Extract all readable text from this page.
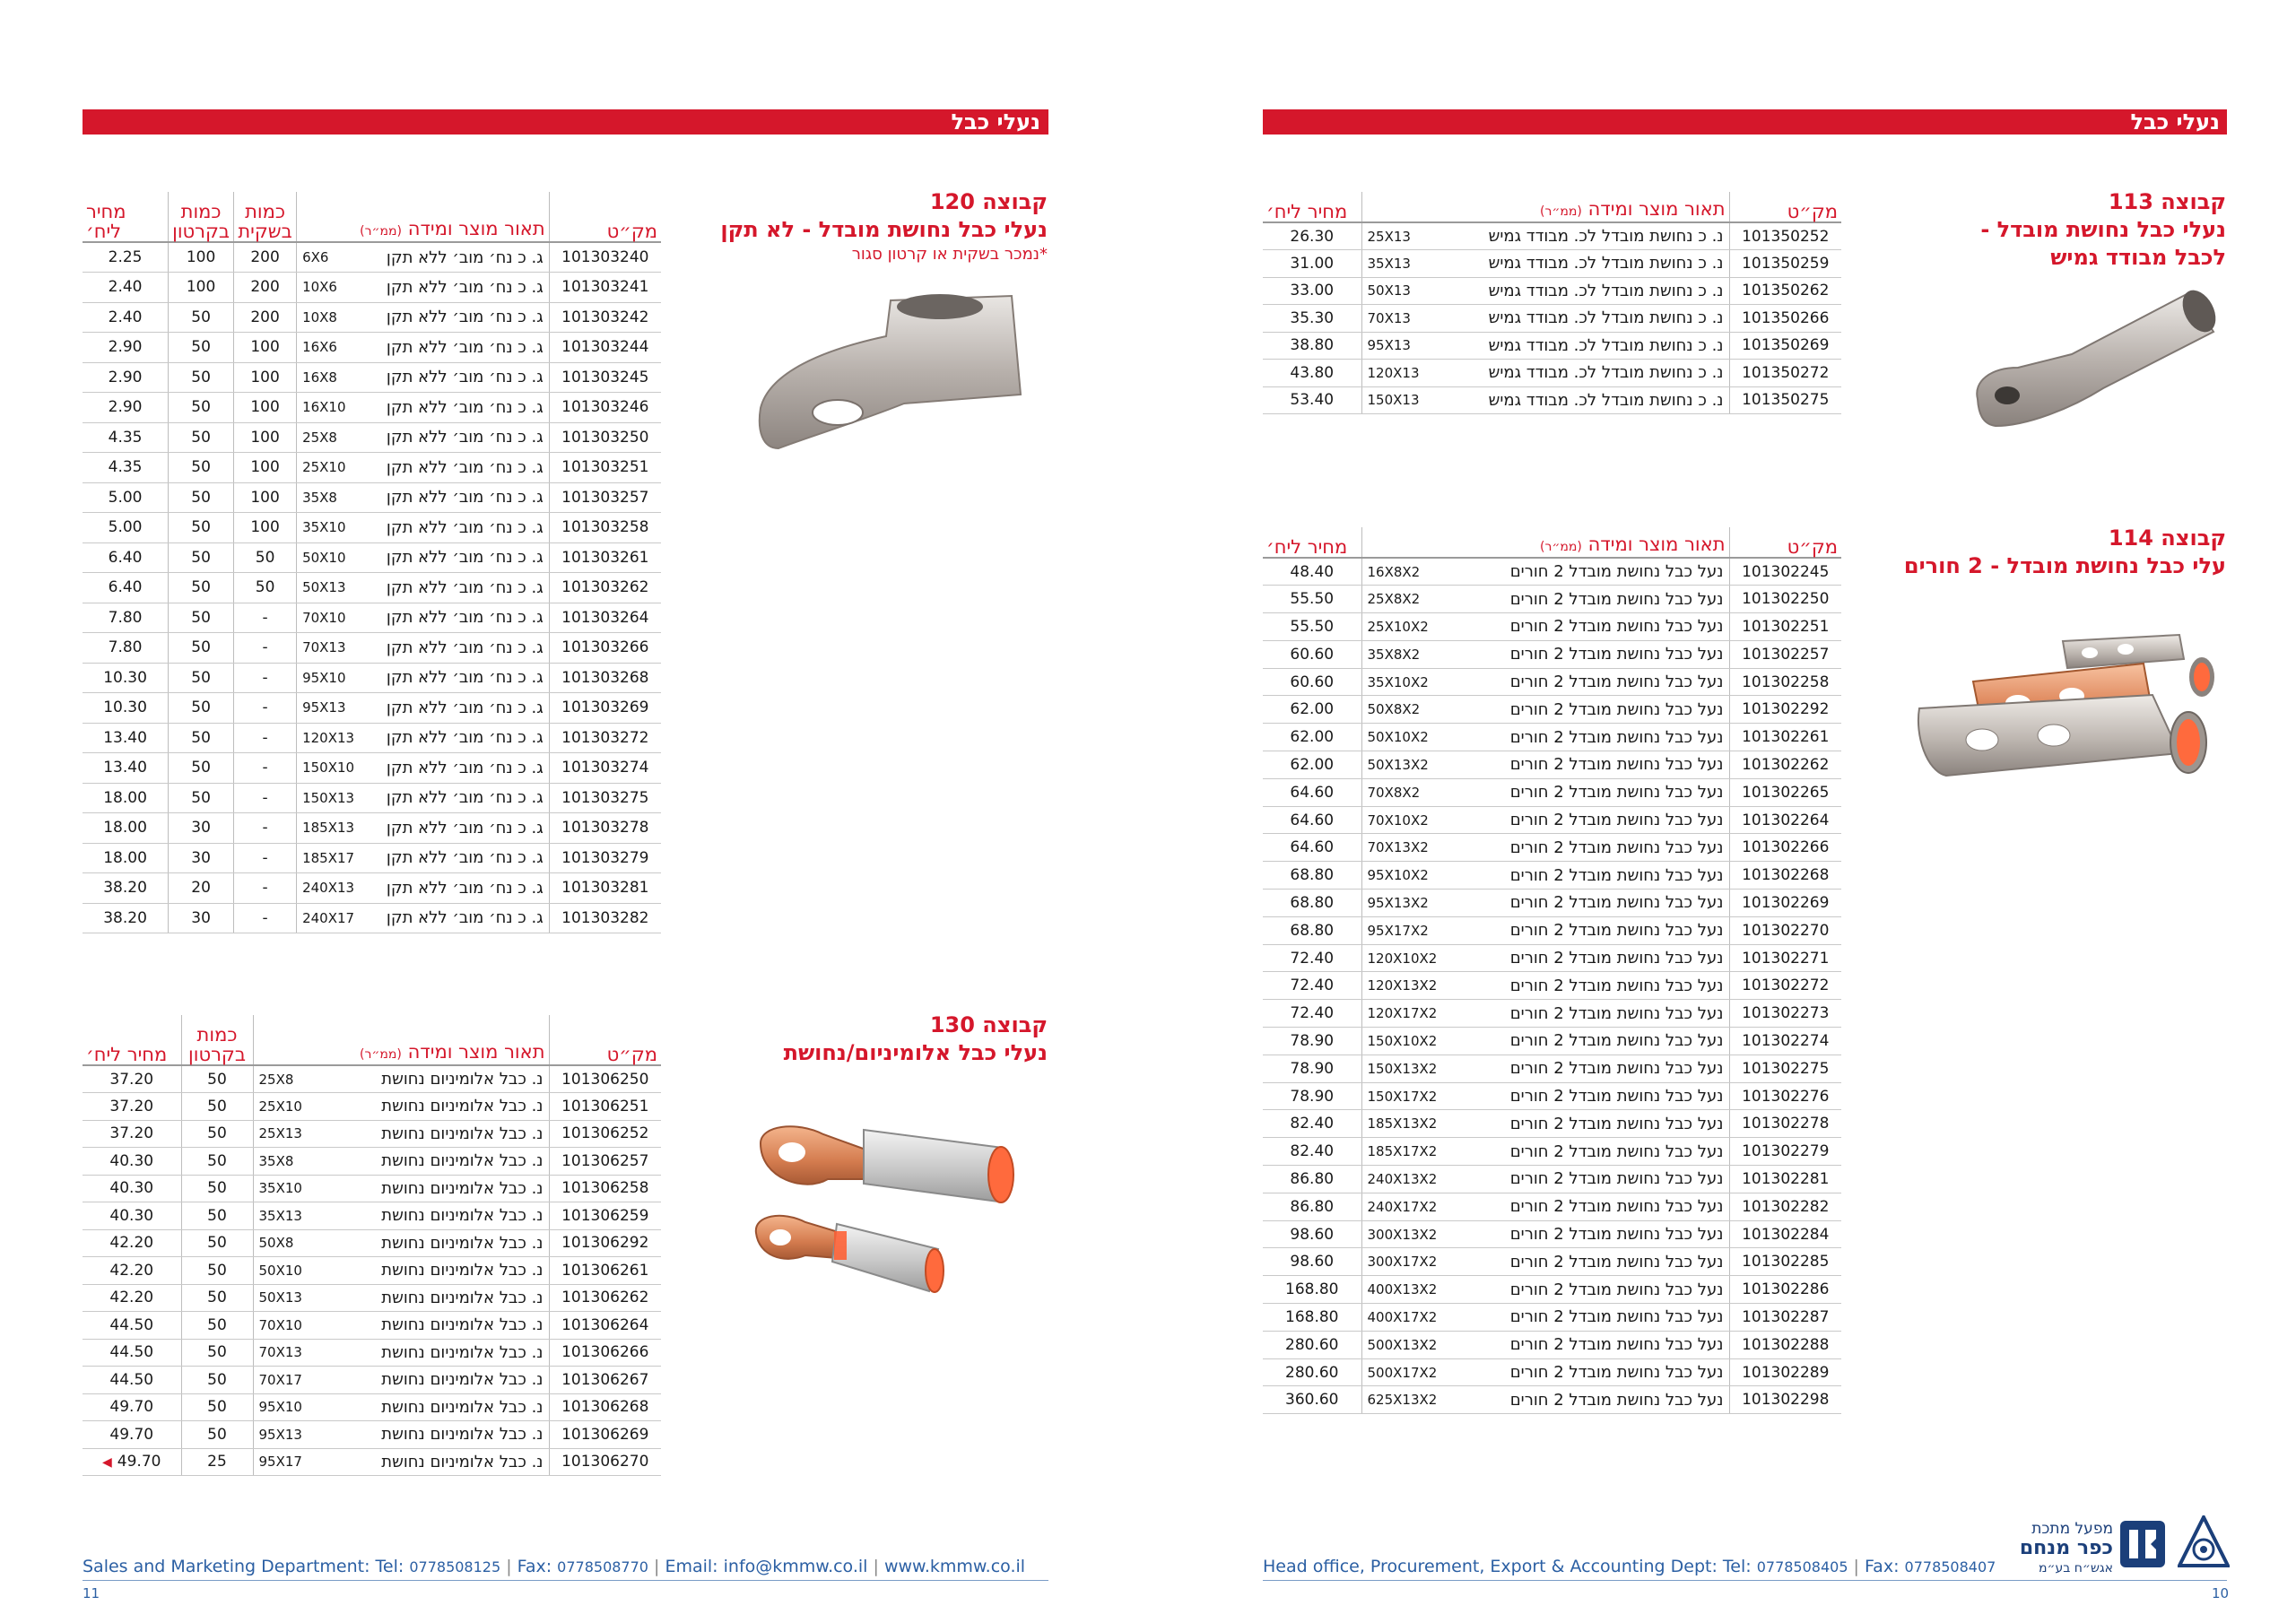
נעלי כבל
קבוצה 120
נעלי כבל נחושת מובדל - לא תקן
*נמכר בשקית או קרטון סגור
מחיר ליח׳	כמות בקרטון	כמות בשקית	תאור מוצר ומידה (ממ״ר)	מק״ט
2.25	100	200	6X6 ג. כ נח׳ מוב׳ ללא תקן	101303240
2.40	100	200	10X6 ג. כ נח׳ מוב׳ ללא תקן	101303241
2.40	50	200	10X8 ג. כ נח׳ מוב׳ ללא תקן	101303242
2.90	50	100	16X6 ג. כ נח׳ מוב׳ ללא תקן	101303244
2.90	50	100	16X8 ג. כ נח׳ מוב׳ ללא תקן	101303245
2.90	50	100	16X10 ג. כ נח׳ מוב׳ ללא תקן	101303246
4.35	50	100	25X8 ג. כ נח׳ מוב׳ ללא תקן	101303250
4.35	50	100	25X10 ג. כ נח׳ מוב׳ ללא תקן	101303251
5.00	50	100	35X8 ג. כ נח׳ מוב׳ ללא תקן	101303257
5.00	50	100	35X10 ג. כ נח׳ מוב׳ ללא תקן	101303258
6.40	50	50	50X10 ג. כ נח׳ מוב׳ ללא תקן	101303261
6.40	50	50	50X13 ג. כ נח׳ מוב׳ ללא תקן	101303262
7.80	50	-	70X10 ג. כ נח׳ מוב׳ ללא תקן	101303264
7.80	50	-	70X13 ג. כ נח׳ מוב׳ ללא תקן	101303266
10.30	50	-	95X10 ג. כ נח׳ מוב׳ ללא תקן	101303268
10.30	50	-	95X13 ג. כ נח׳ מוב׳ ללא תקן	101303269
13.40	50	-	120X13 ג. כ נח׳ מוב׳ ללא תקן	101303272
13.40	50	-	150X10 ג. כ נח׳ מוב׳ ללא תקן	101303274
18.00	50	-	150X13 ג. כ נח׳ מוב׳ ללא תקן	101303275
18.00	30	-	185X13 ג. כ נח׳ מוב׳ ללא תקן	101303278
18.00	30	-	185X17 ג. כ נח׳ מוב׳ ללא תקן	101303279
38.20	20	-	240X13 ג. כ נח׳ מוב׳ ללא תקן	101303281
38.20	30	-	240X17 ג. כ נח׳ מוב׳ ללא תקן	101303282
קבוצה 130
נעלי כבל אלומיניום/נחושת
מחיר ליח׳	כמות בקרטון	תאור מוצר ומידה (ממ״ר)	מק״ט
37.20	50	25X8 נ. כבל אלומיניום נחושת	101306250
37.20	50	25X10 נ. כבל אלומיניום נחושת	101306251
37.20	50	25X13 נ. כבל אלומיניום נחושת	101306252
40.30	50	35X8 נ. כבל אלומיניום נחושת	101306257
40.30	50	35X10 נ. כבל אלומיניום נחושת	101306258
40.30	50	35X13 נ. כבל אלומיניום נחושת	101306259
42.20	50	50X8 נ. כבל אלומיניום נחושת	101306292
42.20	50	50X10 נ. כבל אלומיניום נחושת	101306261
42.20	50	50X13 נ. כבל אלומיניום נחושת	101306262
44.50	50	70X10 נ. כבל אלומיניום נחושת	101306264
44.50	50	70X13 נ. כבל אלומיניום נחושת	101306266
44.50	50	70X17 נ. כבל אלומיניום נחושת	101306267
49.70	50	95X10 נ. כבל אלומיניום נחושת	101306268
49.70	50	95X13 נ. כבל אלומיניום נחושת	101306269
◀ 49.70	25	95X17 נ. כבל אלומיניום נחושת	101306270
Sales and Marketing Department: Tel: 0778508125 | Fax: 0778508770 | Email: info@kmmw.co.il | www.kmmw.co.il
11
נעלי כבל
קבוצה 113
נעלי כבל נחושת מובדל -
לכבל מבודד גמיש
מחיר ליח׳	תאור מוצר ומידה (ממ״ר)	מק״ט
26.30	25X13 נ. כ נחושת מובדל לכ. מבודד גמיש	101350252
31.00	35X13 נ. כ נחושת מובדל לכ. מבודד גמיש	101350259
33.00	50X13 נ. כ נחושת מובדל לכ. מבודד גמיש	101350262
35.30	70X13 נ. כ נחושת מובדל לכ. מבודד גמיש	101350266
38.80	95X13 נ. כ נחושת מובדל לכ. מבודד גמיש	101350269
43.80	120X13 נ. כ נחושת מובדל לכ. מבודד גמיש	101350272
53.40	150X13 נ. כ נחושת מובדל לכ. מבודד גמיש	101350275
קבוצה 114
עלי כבל נחושת מובדל - 2 חורים
מחיר ליח׳	תאור מוצר ומידה (ממ״ר)	מק״ט
48.40	16X8X2 נעל כבל נחושת מובדל 2 חורים	101302245
55.50	25X8X2 נעל כבל נחושת מובדל 2 חורים	101302250
55.50	25X10X2 נעל כבל נחושת מובדל 2 חורים	101302251
60.60	35X8X2 נעל כבל נחושת מובדל 2 חורים	101302257
60.60	35X10X2 נעל כבל נחושת מובדל 2 חורים	101302258
62.00	50X8X2 נעל כבל נחושת מובדל 2 חורים	101302292
62.00	50X10X2 נעל כבל נחושת מובדל 2 חורים	101302261
62.00	50X13X2 נעל כבל נחושת מובדל 2 חורים	101302262
64.60	70X8X2 נעל כבל נחושת מובדל 2 חורים	101302265
64.60	70X10X2 נעל כבל נחושת מובדל 2 חורים	101302264
64.60	70X13X2 נעל כבל נחושת מובדל 2 חורים	101302266
68.80	95X10X2 נעל כבל נחושת מובדל 2 חורים	101302268
68.80	95X13X2 נעל כבל נחושת מובדל 2 חורים	101302269
68.80	95X17X2 נעל כבל נחושת מובדל 2 חורים	101302270
72.40	120X10X2 נעל כבל נחושת מובדל 2 חורים	101302271
72.40	120X13X2 נעל כבל נחושת מובדל 2 חורים	101302272
72.40	120X17X2 נעל כבל נחושת מובדל 2 חורים	101302273
78.90	150X10X2 נעל כבל נחושת מובדל 2 חורים	101302274
78.90	150X13X2 נעל כבל נחושת מובדל 2 חורים	101302275
78.90	150X17X2 נעל כבל נחושת מובדל 2 חורים	101302276
82.40	185X13X2 נעל כבל נחושת מובדל 2 חורים	101302278
82.40	185X17X2 נעל כבל נחושת מובדל 2 חורים	101302279
86.80	240X13X2 נעל כבל נחושת מובדל 2 חורים	101302281
86.80	240X17X2 נעל כבל נחושת מובדל 2 חורים	101302282
98.60	300X13X2 נעל כבל נחושת מובדל 2 חורים	101302284
98.60	300X17X2 נעל כבל נחושת מובדל 2 חורים	101302285
168.80	400X13X2 נעל כבל נחושת מובדל 2 חורים	101302286
168.80	400X17X2 נעל כבל נחושת מובדל 2 חורים	101302287
280.60	500X13X2 נעל כבל נחושת מובדל 2 חורים	101302288
280.60	500X17X2 נעל כבל נחושת מובדל 2 חורים	101302289
360.60	625X13X2 נעל כבל נחושת מובדל 2 חורים	101302298
מפעל מתכת
כפר מנחם
אגש״ח בע״מ
Head office, Procurement, Export & Accounting Dept: Tel: 0778508405 | Fax: 0778508407
10
